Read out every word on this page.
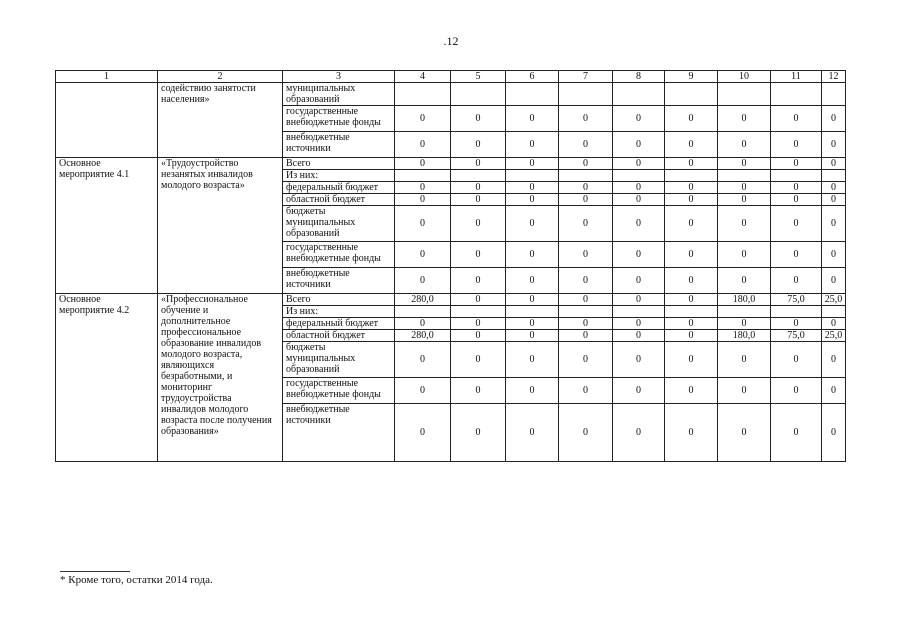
.12
1	2	3	4	5	6	7	8	9	10	11	12
	содействию занятости населения»	муниципальных образований									
		государственные внебюджетные фонды	0	0	0	0	0	0	0	0	0
		внебюджетные источники	0	0	0	0	0	0	0	0	0
Основное мероприятие 4.1	«Трудоустройство незанятых инвалидов молодого возраста»	Всего	0	0	0	0	0	0	0	0	0
		Из них:									
		федеральный бюджет	0	0	0	0	0	0	0	0	0
		областной бюджет	0	0	0	0	0	0	0	0	0
		бюджеты муниципальных образований	0	0	0	0	0	0	0	0	0
		государственные внебюджетные фонды	0	0	0	0	0	0	0	0	0
		внебюджетные источники	0	0	0	0	0	0	0	0	0
Основное мероприятие 4.2	«Профессиональное обучение и дополнительное профессиональное образование инвалидов молодого возраста, являющихся безработными, и мониторинг трудоустройства инвалидов молодого возраста после получения образования»	Всего	280,0	0	0	0	0	0	180,0	75,0	25,0
		Из них:									
		федеральный бюджет	0	0	0	0	0	0	0	0	0
		областной бюджет	280,0	0	0	0	0	0	180,0	75,0	25,0
		бюджеты муниципальных образований	0	0	0	0	0	0	0	0	0
		государственные внебюджетные фонды	0	0	0	0	0	0	0	0	0
		внебюджетные источники	0	0	0	0	0	0	0	0	0
* Кроме того, остатки 2014 года.
